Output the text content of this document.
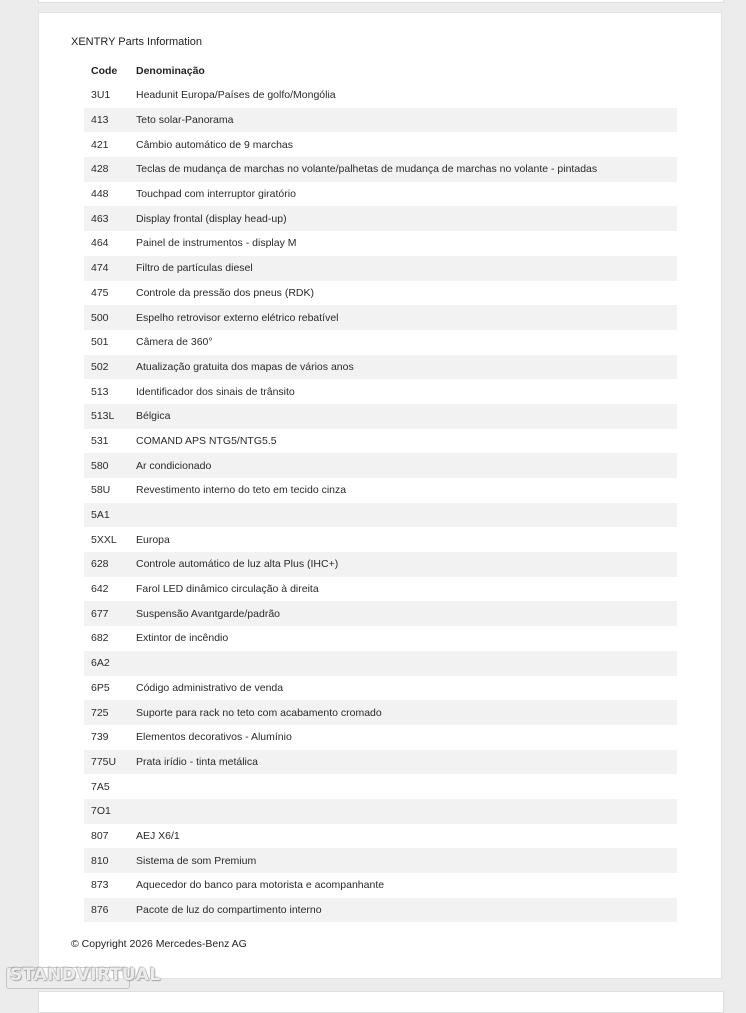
XENTRY Parts Information
Code	Denominação
3U1	Headunit Europa/Países de golfo/Mongólia
413	Teto solar-Panorama
421	Câmbio automático de 9 marchas
428	Teclas de mudança de marchas no volante/palhetas de mudança de marchas no volante - pintadas
448	Touchpad com interruptor giratório
463	Display frontal (display head-up)
464	Painel de instrumentos - display M
474	Filtro de partículas diesel
475	Controle da pressão dos pneus (RDK)
500	Espelho retrovisor externo elétrico rebatível
501	Câmera de 360°
502	Atualização gratuita dos mapas de vários anos
513	Identificador dos sinais de trânsito
513L	Bélgica
531	COMAND APS NTG5/NTG5.5
580	Ar condicionado
58U	Revestimento interno do teto em tecido cinza
5A1
5XXL	Europa
628	Controle automático de luz alta Plus (IHC+)
642	Farol LED dinâmico circulação à direita
677	Suspensão Avantgarde/padrão
682	Extintor de incêndio
6A2
6P5	Código administrativo de venda
725	Suporte para rack no teto com acabamento cromado
739	Elementos decorativos - Alumínio
775U	Prata irídio - tinta metálica
7A5
7O1
807	AEJ X6/1
810	Sistema de som Premium
873	Aquecedor do banco para motorista e acompanhante
876	Pacote de luz do compartimento interno
© Copyright 2026 Mercedes-Benz AG
STANDVIRTUAL
